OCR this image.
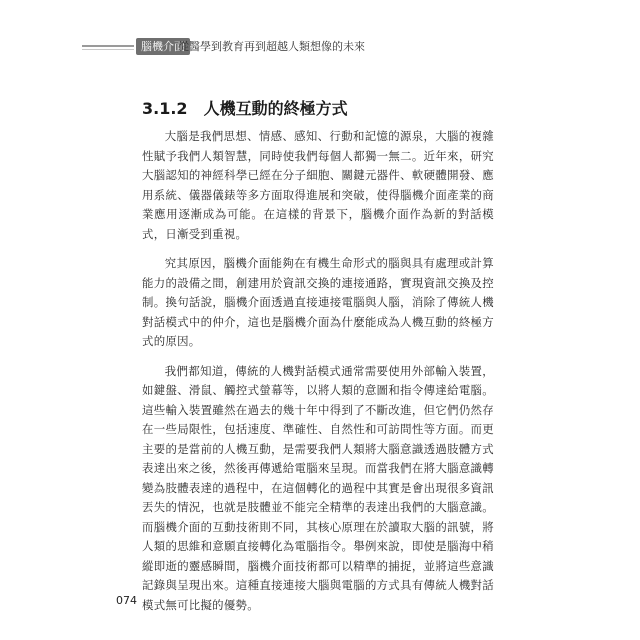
腦機介面
從醫學到教育再到超越人類想像的未來
3.1.2 人機互動的終極方式

大腦是我們思想、情感、感知、行動和記憶的源泉，大腦的複雜性賦予我們人類智慧，同時使我們每個人都獨一無二。近年來，研究大腦認知的神經科學已經在分子細胞、關鍵元器件、軟硬體開發、應用系統、儀器儀錶等多方面取得進展和突破，使得腦機介面產業的商業應用逐漸成為可能。在這樣的背景下，腦機介面作為新的對話模式，日漸受到重視。

究其原因，腦機介面能夠在有機生命形式的腦與具有處理或計算能力的設備之間，創建用於資訊交換的連接通路，實現資訊交換及控制。換句話說，腦機介面透過直接連接電腦與人腦，消除了傳統人機對話模式中的仲介，這也是腦機介面為什麼能成為人機互動的終極方式的原因。

我們都知道，傳統的人機對話模式通常需要使用外部輸入裝置，如鍵盤、滑鼠、觸控式螢幕等，以將人類的意圖和指令傳達給電腦。這些輸入裝置雖然在過去的幾十年中得到了不斷改進，但它們仍然存在一些局限性，包括速度、準確性、自然性和可訪問性等方面。而更主要的是當前的人機互動，是需要我們人類將大腦意識透過肢體方式表達出來之後，然後再傳遞給電腦來呈現。而當我們在將大腦意識轉變為肢體表達的過程中，在這個轉化的過程中其實是會出現很多資訊丟失的情況，也就是肢體並不能完全精準的表達出我們的大腦意識。而腦機介面的互動技術則不同，其核心原理在於讀取大腦的訊號，將人類的思維和意願直接轉化為電腦指令。舉例來說，即使是腦海中稍縱即逝的靈感瞬間，腦機介面技術都可以精準的捕捉，並將這些意識記錄與呈現出來。這種直接連接大腦與電腦的方式具有傳統人機對話模式無可比擬的優勢。

074
